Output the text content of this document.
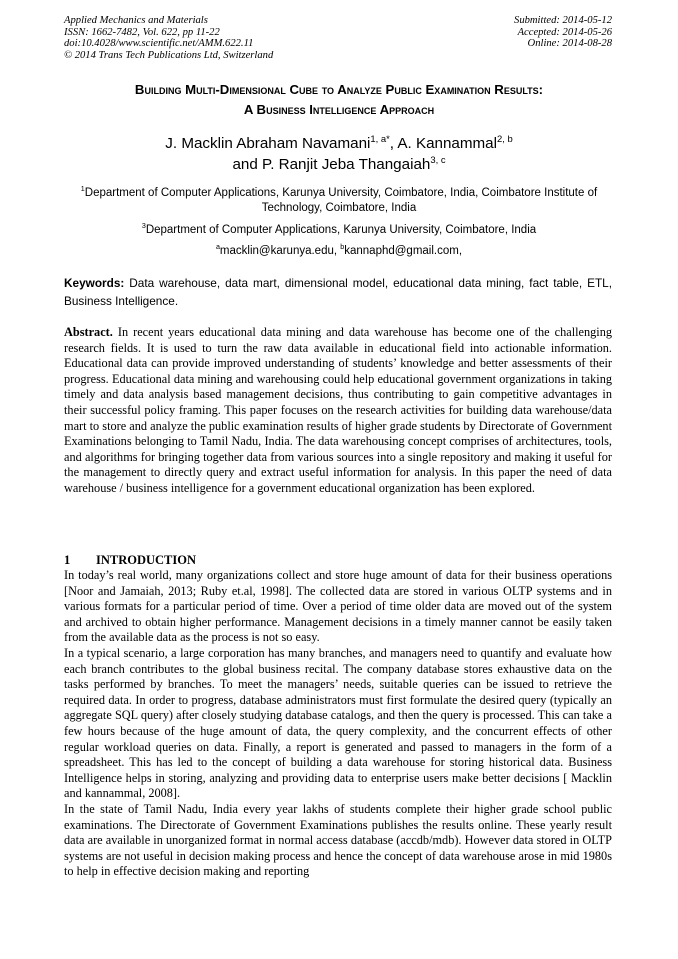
Applied Mechanics and Materials
ISSN: 1662-7482, Vol. 622, pp 11-22
doi:10.4028/www.scientific.net/AMM.622.11
© 2014 Trans Tech Publications Ltd, Switzerland
Submitted: 2014-05-12
Accepted: 2014-05-26
Online: 2014-08-28
Building Multi-Dimensional Cube to Analyze Public Examination Results:
A Business Intelligence Approach
J. Macklin Abraham Navamani$^{1, a*}$, A. Kannammal$^{2, b}$
and P. Ranjit Jeba Thangaiah$^{3, c}$
$^1$Department of Computer Applications, Karunya University, Coimbatore, India, Coimbatore Institute of Technology, Coimbatore, India
$^3$Department of Computer Applications, Karunya University, Coimbatore, India
$^a$macklin@karunya.edu, $^b$kannaphd@gmail.com,
Keywords: Data warehouse, data mart, dimensional model, educational data mining, fact table, ETL, Business Intelligence.
Abstract. In recent years educational data mining and data warehouse has become one of the challenging research fields. It is used to turn the raw data available in educational field into actionable information. Educational data can provide improved understanding of students’ knowledge and better assessments of their progress. Educational data mining and warehousing could help educational government organizations in taking timely and data analysis based management decisions, thus contributing to gain competitive advantages in their successful policy framing. This paper focuses on the research activities for building data warehouse/data mart to store and analyze the public examination results of higher grade students by Directorate of Government Examinations belonging to Tamil Nadu, India. The data warehousing concept comprises of architectures, tools, and algorithms for bringing together data from various sources into a single repository and making it useful for the management to directly query and extract useful information for analysis. In this paper the need of data warehouse / business intelligence for a government educational organization has been explored.
1 INTRODUCTION

In today’s real world, many organizations collect and store huge amount of data for their business operations [Noor and Jamaiah, 2013; Ruby et.al, 1998]. The collected data are stored in various OLTP systems and in various formats for a particular period of time. Over a period of time older data are moved out of the system and archived to obtain higher performance. Management decisions in a timely manner cannot be easily taken from the available data as the process is not so easy.

In a typical scenario, a large corporation has many branches, and managers need to quantify and evaluate how each branch contributes to the global business recital. The company database stores exhaustive data on the tasks performed by branches. To meet the managers’ needs, suitable queries can be issued to retrieve the required data. In order to progress, database administrators must first formulate the desired query (typically an aggregate SQL query) after closely studying database catalogs, and then the query is processed. This can take a few hours because of the huge amount of data, the query complexity, and the concurrent effects of other regular workload queries on data. Finally, a report is generated and passed to managers in the form of a spreadsheet. This has led to the concept of building a data warehouse for storing historical data. Business Intelligence helps in storing, analyzing and providing data to enterprise users make better decisions [ Macklin and kannammal, 2008].

In the state of Tamil Nadu, India every year lakhs of students complete their higher grade school public examinations. The Directorate of Government Examinations publishes the results online. These yearly result data are available in unorganized format in normal access database (accdb/mdb). However data stored in OLTP systems are not useful in decision making process and hence the concept of data warehouse arose in mid 1980s to help in effective decision making and reporting
